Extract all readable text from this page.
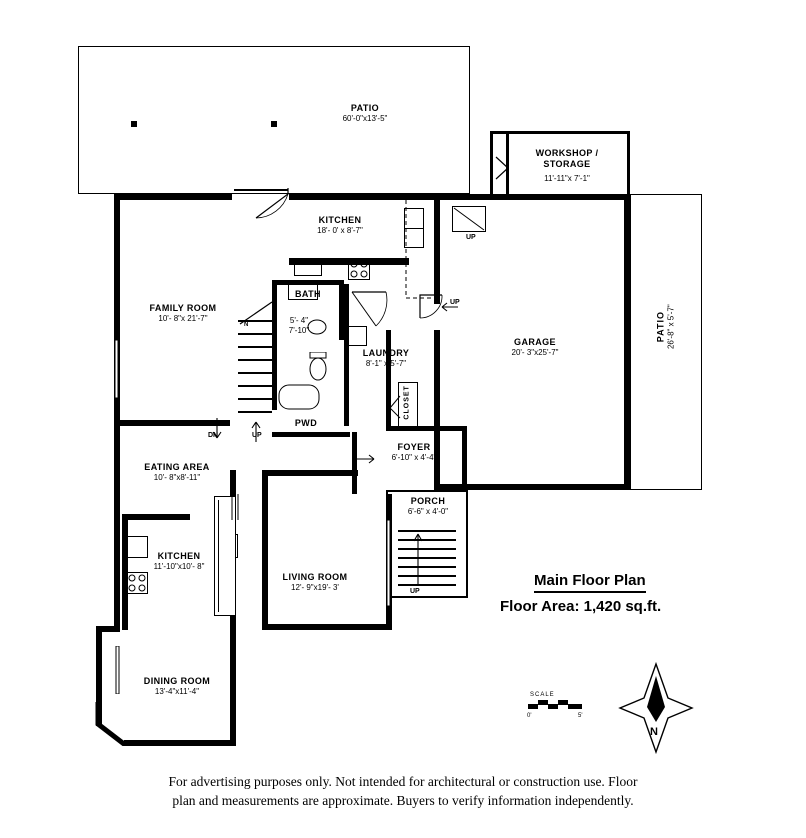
PATIO
60'-0"x13'-5"
WORKSHOP /
STORAGE
11'-11"x 7'-1"
PATIO 26'-8" x 5'-7"
GARAGE
20'- 3"x25'-7"
UP
UP
KITCHEN
18'- 0' x 8'-7"
FAMILY ROOM
10'- 8"x 21'-7"
BATH
5'- 4"
7'-10"
UP
DN
N
LAUNDRY
8'-1" x 5'-7"
CLOSET
PWD
FOYER
6'-10" x 4'-4"
PORCH
6'-6" x 4'-0"
UP
EATING AREA
10'- 8"x8'-11"
KITCHEN
11'-10"x10'- 8"
LIVING ROOM
12'- 9"x19'- 3'
DINING ROOM
13'-4"x11'-4"
Main Floor Plan
Floor Area: 1,420 sq.ft.
SCALE
0'	5'
N
For advertising purposes only. Not intended for architectural or construction use. Floor
plan and measurements are approximate. Buyers to verify information independently.
